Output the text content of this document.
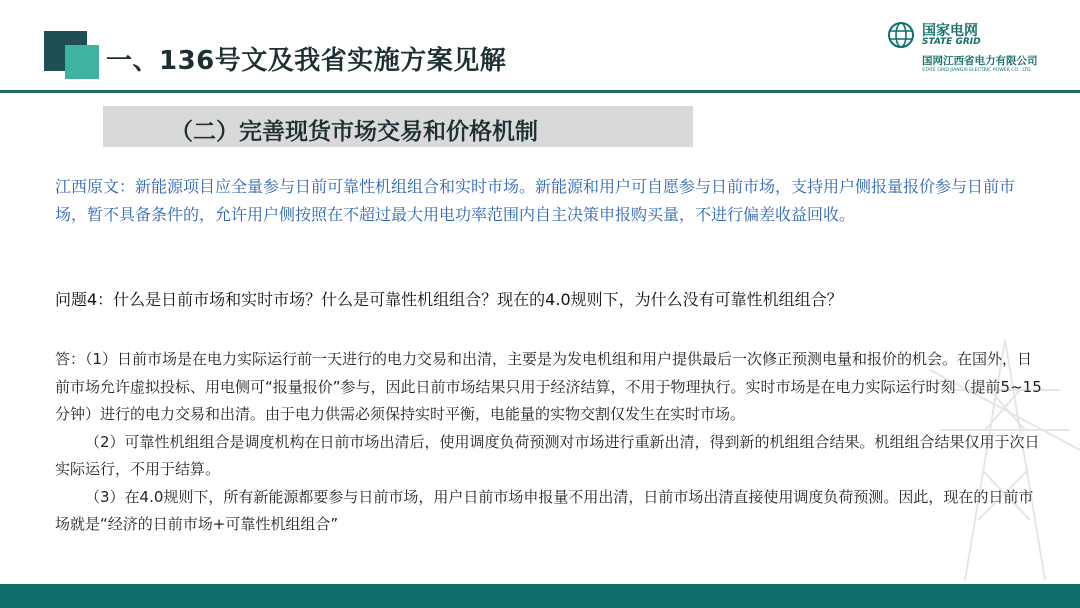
一、136号文及我省实施方案见解
国家电网
STATE GRID
国网江西省电力有限公司
STATE GRID JIANGXI ELECTRIC POWER CO., LTD.
（二）完善现货市场交易和价格机制
江西原文：新能源项目应全量参与日前可靠性机组组合和实时市场。新能源和用户可自愿参与日前市场，支持用户侧报量报价参与日前市场，暂不具备条件的，允许用户侧按照在不超过最大用电功率范围内自主决策申报购买量，不进行偏差收益回收。
问题4：什么是日前市场和实时市场？什么是可靠性机组组合？现在的4.0规则下，为什么没有可靠性机组组合？

答：（1）日前市场是在电力实际运行前一天进行的电力交易和出清，主要是为发电机组和用户提供最后一次修正预测电量和报价的机会。在国外，日前市场允许虚拟投标、用电侧可“报量报价”参与，因此日前市场结果只用于经济结算，不用于物理执行。实时市场是在电力实际运行时刻（提前5~15分钟）进行的电力交易和出清。由于电力供需必须保持实时平衡，电能量的实物交割仅发生在实时市场。

（2）可靠性机组组合是调度机构在日前市场出清后，使用调度负荷预测对市场进行重新出清，得到新的机组组合结果。机组组合结果仅用于次日实际运行，不用于结算。

（3）在4.0规则下，所有新能源都要参与日前市场，用户日前市场申报量不用出清，日前市场出清直接使用调度负荷预测。因此，现在的日前市场就是“经济的日前市场+可靠性机组组合”
